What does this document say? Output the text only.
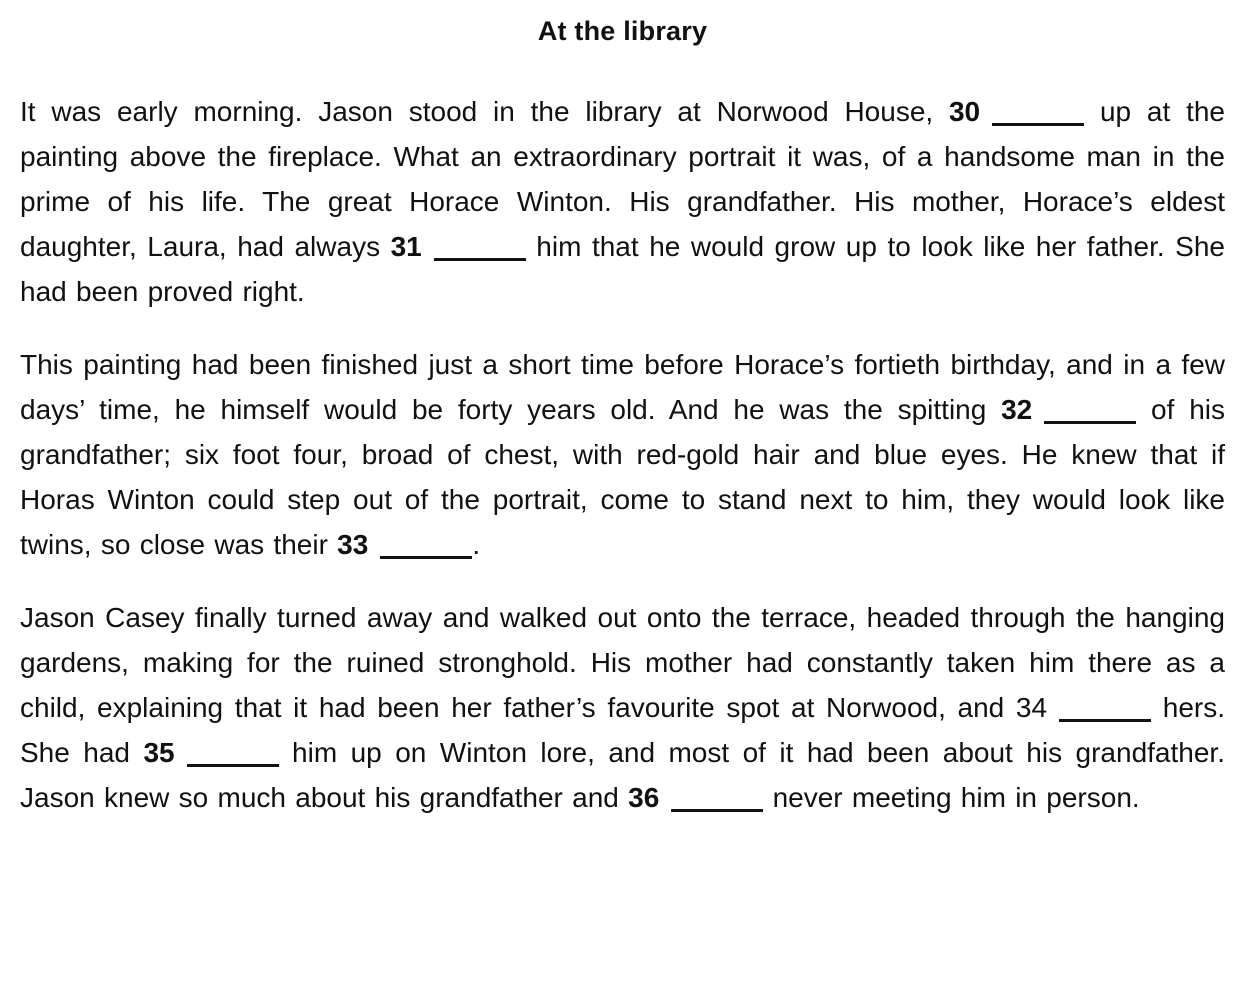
At the library

It was early morning. Jason stood in the library at Norwood House, 30	up at the painting above the fireplace. What an extraordinary portrait it was, of a handsome man in the prime of his life. The great Horace Winton. His grandfather. His mother, Horace’s eldest daughter, Laura, had always 31	him that he would grow up to look like her father. She had been proved right.

This painting had been finished just a short time before Horace’s fortieth birthday, and in a few days’ time, he himself would be forty years old. And he was the spitting 32	of his grandfather; six foot four, broad of chest, with red-gold hair and blue eyes. He knew that if Horas Winton could step out of the portrait, come to stand next to him, they would look like twins, so close was their 33	.

Jason Casey finally turned away and walked out onto the terrace, headed through the hanging gardens, making for the ruined stronghold. His mother had constantly taken him there as a child, explaining that it had been her father’s favourite spot at Norwood, and 34	hers. She had 35	him up on Winton lore, and most of it had been about his grandfather. Jason knew so much about his grandfather and 36	never meeting him in person.
